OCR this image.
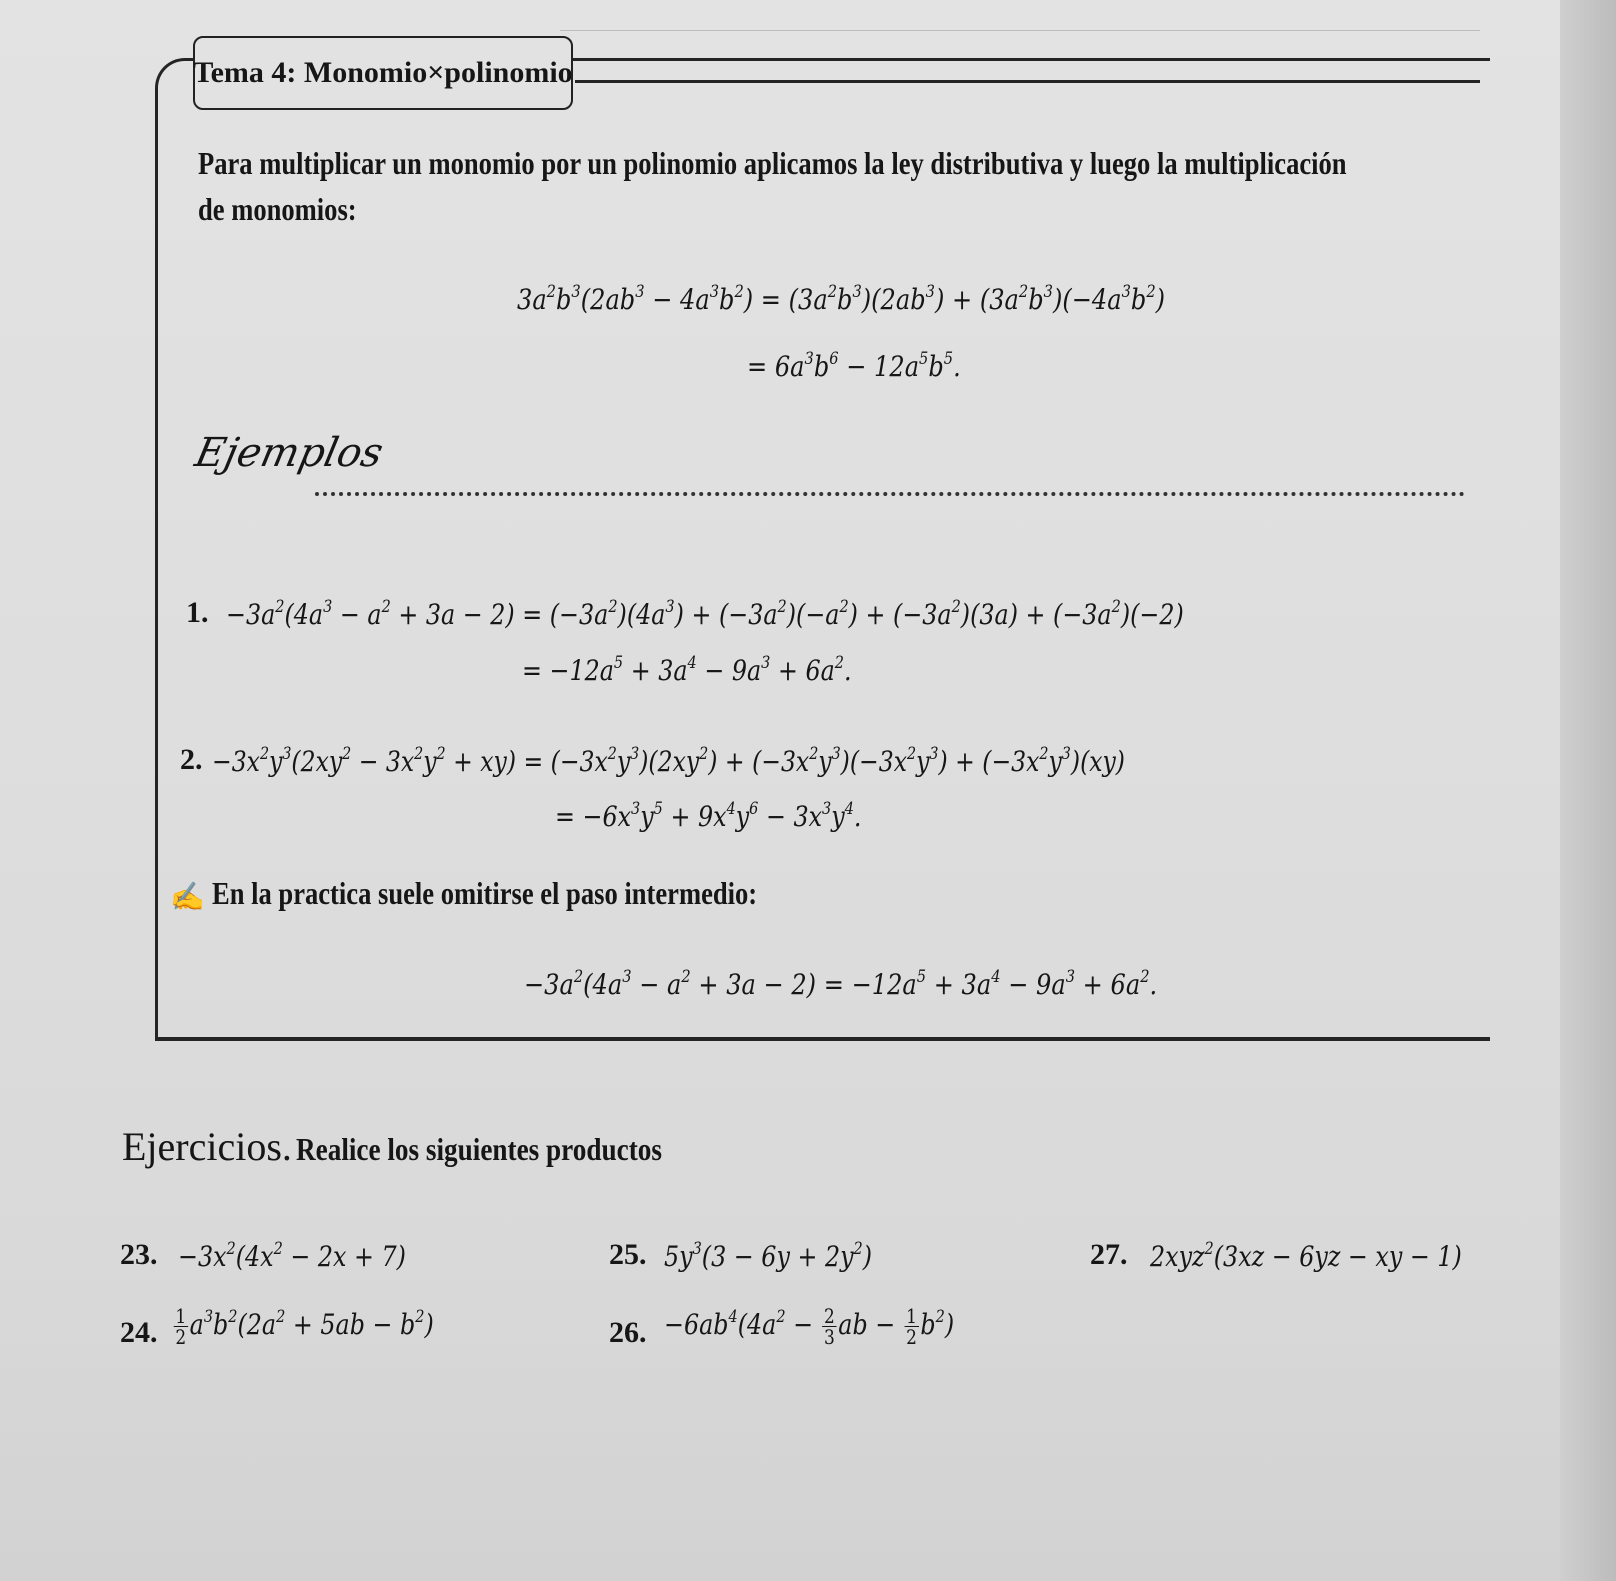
Tema 4: Monomio×polinomio
Para multiplicar un monomio por un polinomio aplicamos la ley distributiva y luego la multiplicación
de monomios:
$3a^2b^3(2ab^3 - 4a^3b^2) = (3a^2b^3)(2ab^3) + (3a^2b^3)(-4a^3b^2)$
= $6a^3b^6 - 12a^5b^5$.
Ejemplos
1. $-3a^2(4a^3 - a^2 + 3a - 2) = (-3a^2)(4a^3) + (-3a^2)(-a^2) + (-3a^2)(3a) + (-3a^2)(-2)$
= $-12a^5 + 3a^4 - 9a^3 + 6a^2$.
2. $-3x^2y^3(2xy^2 - 3x^2y^2 + xy) = (-3x^2y^3)(2xy^2) + (-3x^2y^3)(-3x^2y^3) + (-3x^2y^3)(xy)$
= $-6x^3y^5 + 9x^4y^6 - 3x^3y^4$.
✍ En la practica suele omitirse el paso intermedio:
$-3a^2(4a^3 - a^2 + 3a - 2) = -12a^5 + 3a^4 - 9a^3 + 6a^2$.
Ejercicios. Realice los siguientes productos
23. $-3x^2(4x^2 - 2x + 7)$
24. $\frac{1}{2} a^3b^2(2a^2 + 5ab - b^2)$
25. $5y^3(3 - 6y + 2y^2)$
26. $-6ab^4(4a^2 - \frac{2}{3}$ ab − $\frac{1}{2} b^2$)
27. 2xyz$^2$(3xz − 6yz − xy − 1)
